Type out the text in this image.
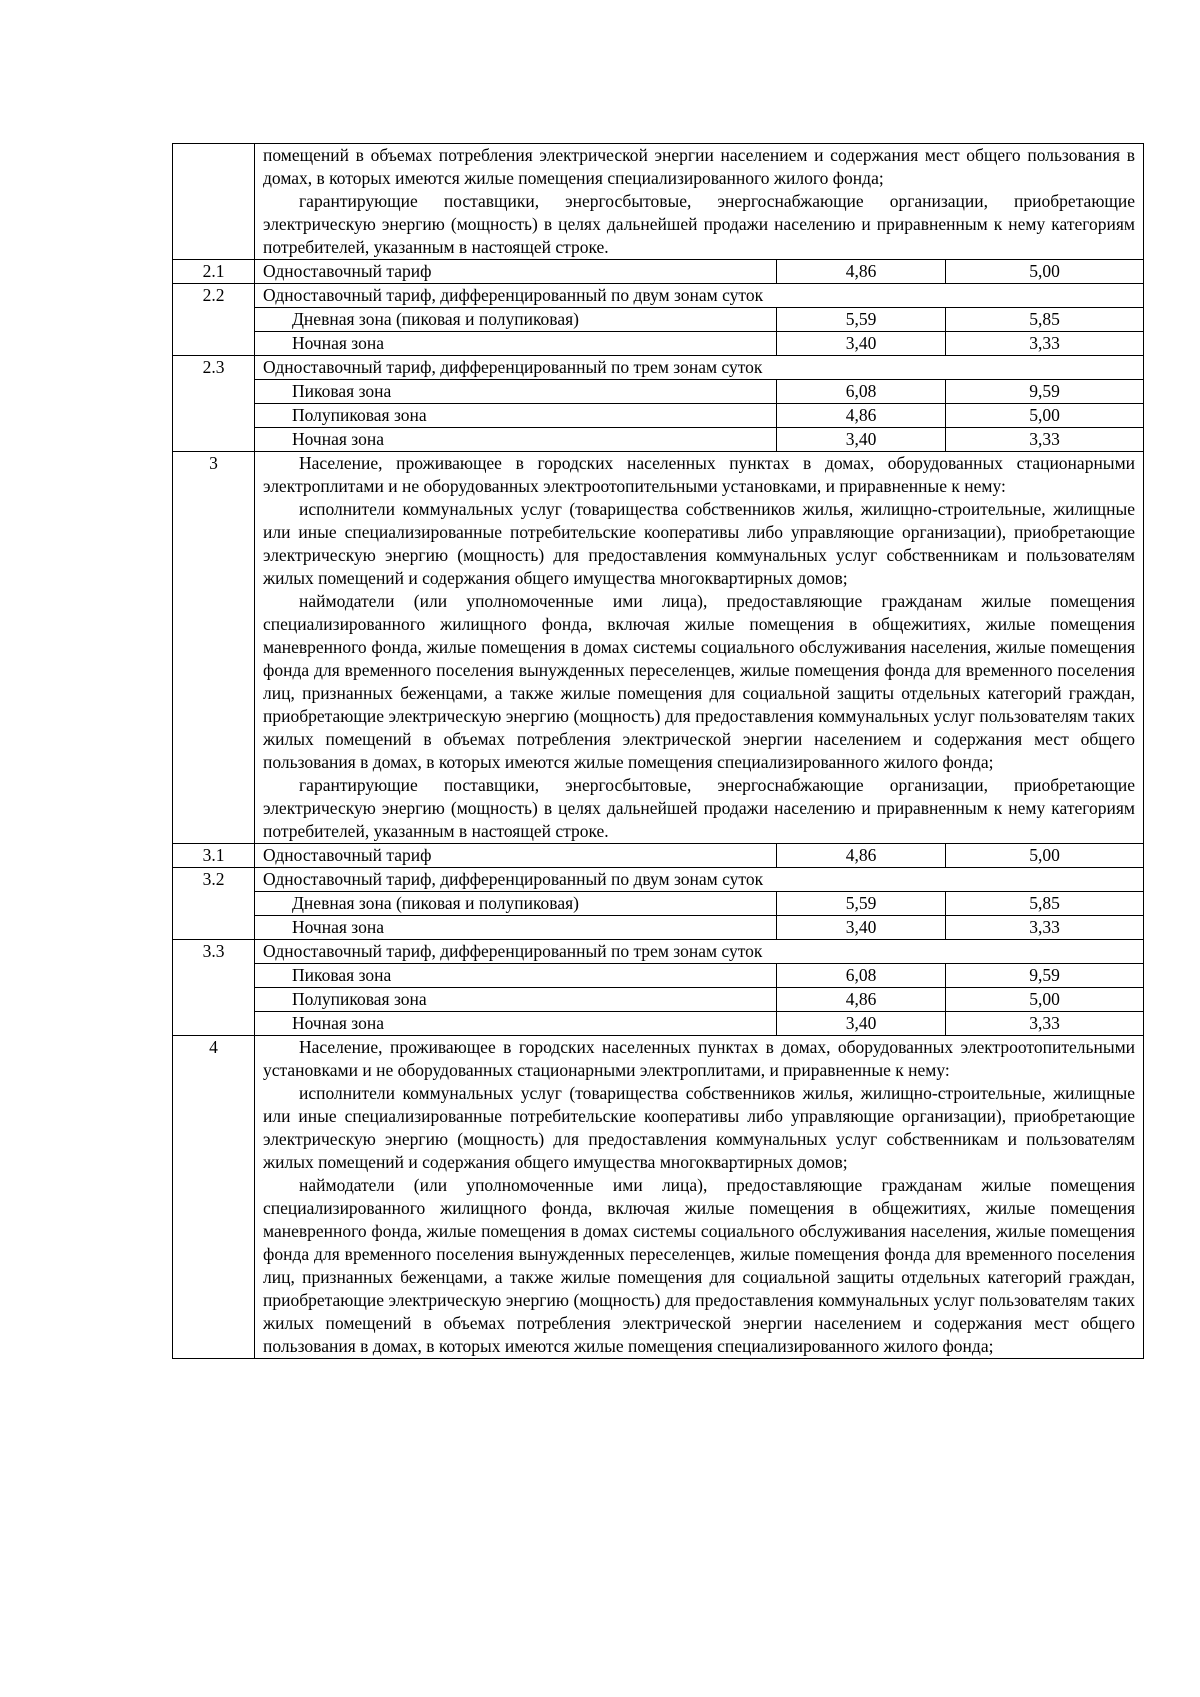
	помещений в объемах потребления электрической энергии населением и содержания мест общего пользования в домах, в которых имеются жилые помещения специализированного жилого фонда;

гарантирующие поставщики, энергосбытовые, энергоснабжающие организации, приобретающие электрическую энергию (мощность) в целях дальнейшей продажи населению и приравненным к нему категориям потребителей, указанным в настоящей строке.		

2.1	Одноставочный тариф	4,86	5,00
2.2	Одноставочный тариф, дифференцированный по двум зонам суток		
	Дневная зона (пиковая и полупиковая)	5,59	5,85
	Ночная зона	3,40	3,33
2.3	Одноставочный тариф, дифференцированный по трем зонам суток		
	Пиковая зона	6,08	9,59
	Полупиковая зона	4,86	5,00
	Ночная зона	3,40	3,33
3	Население, проживающее в городских населенных пунктах в домах, оборудованных стационарными электроплитами и не оборудованных электроотопительными установками, и приравненные к нему:

исполнители коммунальных услуг (товарищества собственников жилья, жилищно-строительные, жилищные или иные специализированные потребительские кооперативы либо управляющие организации), приобретающие электрическую энергию (мощность) для предоставления коммунальных услуг собственникам и пользователям жилых помещений и содержания общего имущества многоквартирных домов;

наймодатели (или уполномоченные ими лица), предоставляющие гражданам жилые помещения специализированного жилищного фонда, включая жилые помещения в общежитиях, жилые помещения маневренного фонда, жилые помещения в домах системы социального обслуживания населения, жилые помещения фонда для временного поселения вынужденных переселенцев, жилые помещения фонда для временного поселения лиц, признанных беженцами, а также жилые помещения для социальной защиты отдельных категорий граждан, приобретающие электрическую энергию (мощность) для предоставления коммунальных услуг пользователям таких жилых помещений в объемах потребления электрической энергии населением и содержания мест общего пользования в домах, в которых имеются жилые помещения специализированного жилого фонда;

гарантирующие поставщики, энергосбытовые, энергоснабжающие организации, приобретающие электрическую энергию (мощность) в целях дальнейшей продажи населению и приравненным к нему категориям потребителей, указанным в настоящей строке.		

3.1	Одноставочный тариф	4,86	5,00
3.2	Одноставочный тариф, дифференцированный по двум зонам суток		
	Дневная зона (пиковая и полупиковая)	5,59	5,85
	Ночная зона	3,40	3,33
3.3	Одноставочный тариф, дифференцированный по трем зонам суток		
	Пиковая зона	6,08	9,59
	Полупиковая зона	4,86	5,00
	Ночная зона	3,40	3,33
4	Население, проживающее в городских населенных пунктах в домах, оборудованных электроотопительными установками и не оборудованных стационарными электроплитами, и приравненные к нему:

исполнители коммунальных услуг (товарищества собственников жилья, жилищно-строительные, жилищные или иные специализированные потребительские кооперативы либо управляющие организации), приобретающие электрическую энергию (мощность) для предоставления коммунальных услуг собственникам и пользователям жилых помещений и содержания общего имущества многоквартирных домов;

наймодатели (или уполномоченные ими лица), предоставляющие гражданам жилые помещения специализированного жилищного фонда, включая жилые помещения в общежитиях, жилые помещения маневренного фонда, жилые помещения в домах системы социального обслуживания населения, жилые помещения фонда для временного поселения вынужденных переселенцев, жилые помещения фонда для временного поселения лиц, признанных беженцами, а также жилые помещения для социальной защиты отдельных категорий граждан, приобретающие электрическую энергию (мощность) для предоставления коммунальных услуг пользователям таких жилых помещений в объемах потребления электрической энергии населением и содержания мест общего пользования в домах, в которых имеются жилые помещения специализированного жилого фонда;		
